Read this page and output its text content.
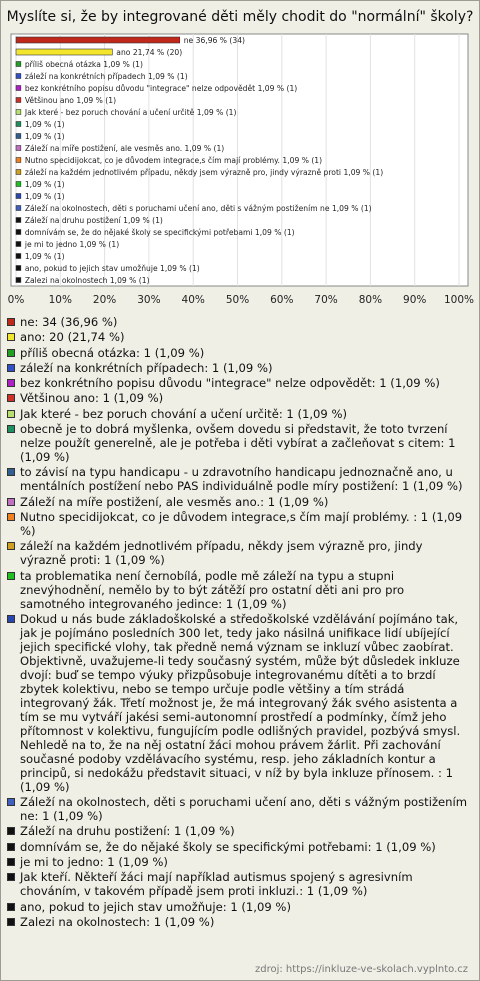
Myslíte si, že by integrované děti měly chodit do "normální" školy?
0% 10% 20% 30% 40% 50% 60% 70% 80% 90% 100%
ne 36,96 % (34)
ano 21,74 % (20)
příliš obecná otázka 1,09 % (1)
záleží na konkrétních případech 1,09 % (1)
bez konkrétního popisu důvodu "integrace" nelze odpovědět 1,09 % (1)
Většinou ano 1,09 % (1)
Jak které - bez poruch chování a učení určitě 1,09 % (1)
1,09 % (1)
1,09 % (1)
Záleží na míře postižení, ale vesměs ano. 1,09 % (1)
Nutno specidijokcat, co je důvodem integrace,s čím mají problémy. 1,09 % (1)
záleží na každém jednotlivém případu, někdy jsem výrazně pro, jindy výrazně proti 1,09 % (1)
1,09 % (1)
1,09 % (1)
Záleží na okolnostech, děti s poruchami učení ano, děti s vážným postižením ne 1,09 % (1)
Záleží na druhu postižení 1,09 % (1)
domnívám se, že do nějaké školy se specifickými potřebami 1,09 % (1)
je mi to jedno 1,09 % (1)
1,09 % (1)
ano, pokud to jejich stav umožňuje 1,09 % (1)
Zalezi na okolnostech 1,09 % (1)
ne: 34 (36,96 %)
ano: 20 (21,74 %)
příliš obecná otázka: 1 (1,09 %)
záleží na konkrétních případech: 1 (1,09 %)
bez konkrétního popisu důvodu "integrace" nelze odpovědět: 1 (1,09 %)
Většinou ano: 1 (1,09 %)
Jak které - bez poruch chování a učení určitě: 1 (1,09 %)
obecně je to dobrá myšlenka, ovšem dovedu si představit, že toto tvrzení nelze použít generelně, ale je potřeba i děti vybírat a začleňovat s citem: 1 (1,09 %)
to závisí na typu handicapu - u zdravotního handicapu jednoznačně ano, u mentálních postížení nebo PAS individuálně podle míry postižení: 1 (1,09 %)
Záleží na míře postižení, ale vesměs ano.: 1 (1,09 %)
Nutno specidijokcat, co je důvodem integrace,s čím mají problémy. : 1 (1,09 %)
záleží na každém jednotlivém případu, někdy jsem výrazně pro, jindy výrazně proti: 1 (1,09 %)
ta problematika není černobílá, podle mě záleží na typu a stupni znevýhodnění, nemělo by to být zátěží pro ostatní děti ani pro pro samotného integrovaného jedince: 1 (1,09 %)
Dokud u nás bude základoškolské a středoškolské vzdělávání pojímáno tak, jak je pojímáno posledních 300 let, tedy jako násilná unifikace lidí ubíjející jejich specifické vlohy, tak předně nemá význam se inkluzí vůbec zaobírat. Objektivně, uvažujeme-li tedy současný systém, může být důsledek inkluze dvojí: buď se tempo výuky přizpůsobuje integrovanému dítěti a to brzdí zbytek kolektivu, nebo se tempo určuje podle většiny a tím strádá integrovaný žák. Třetí možnost je, že má integrovaný žák svého asistenta a tím se mu vytváří jakési semi-autonomní prostředí a podmínky, čímž jeho přítomnost v kolektivu, fungujícím podle odlišných pravidel, pozbývá smysl. Nehledě na to, že na něj ostatní žáci mohou právem žárlit. Při zachování současné podoby vzdělávacího systému, resp. jeho základních kontur a principů, si nedokážu představit situaci, v níž by byla inkluze přínosem. : 1 (1,09 %)
Záleží na okolnostech, děti s poruchami učení ano, děti s vážným postižením ne: 1 (1,09 %)
Záleží na druhu postižení: 1 (1,09 %)
domnívám se, že do nějaké školy se specifickými potřebami: 1 (1,09 %)
je mi to jedno: 1 (1,09 %)
Jak kteří. Někteří žáci mají například autismus spojený s agresivním chováním, v takovém případě jsem proti inkluzi.: 1 (1,09 %)
ano, pokud to jejich stav umožňuje: 1 (1,09 %)
Zalezi na okolnostech: 1 (1,09 %)
zdroj: https://inkluze-ve-skolach.vyplnto.cz
